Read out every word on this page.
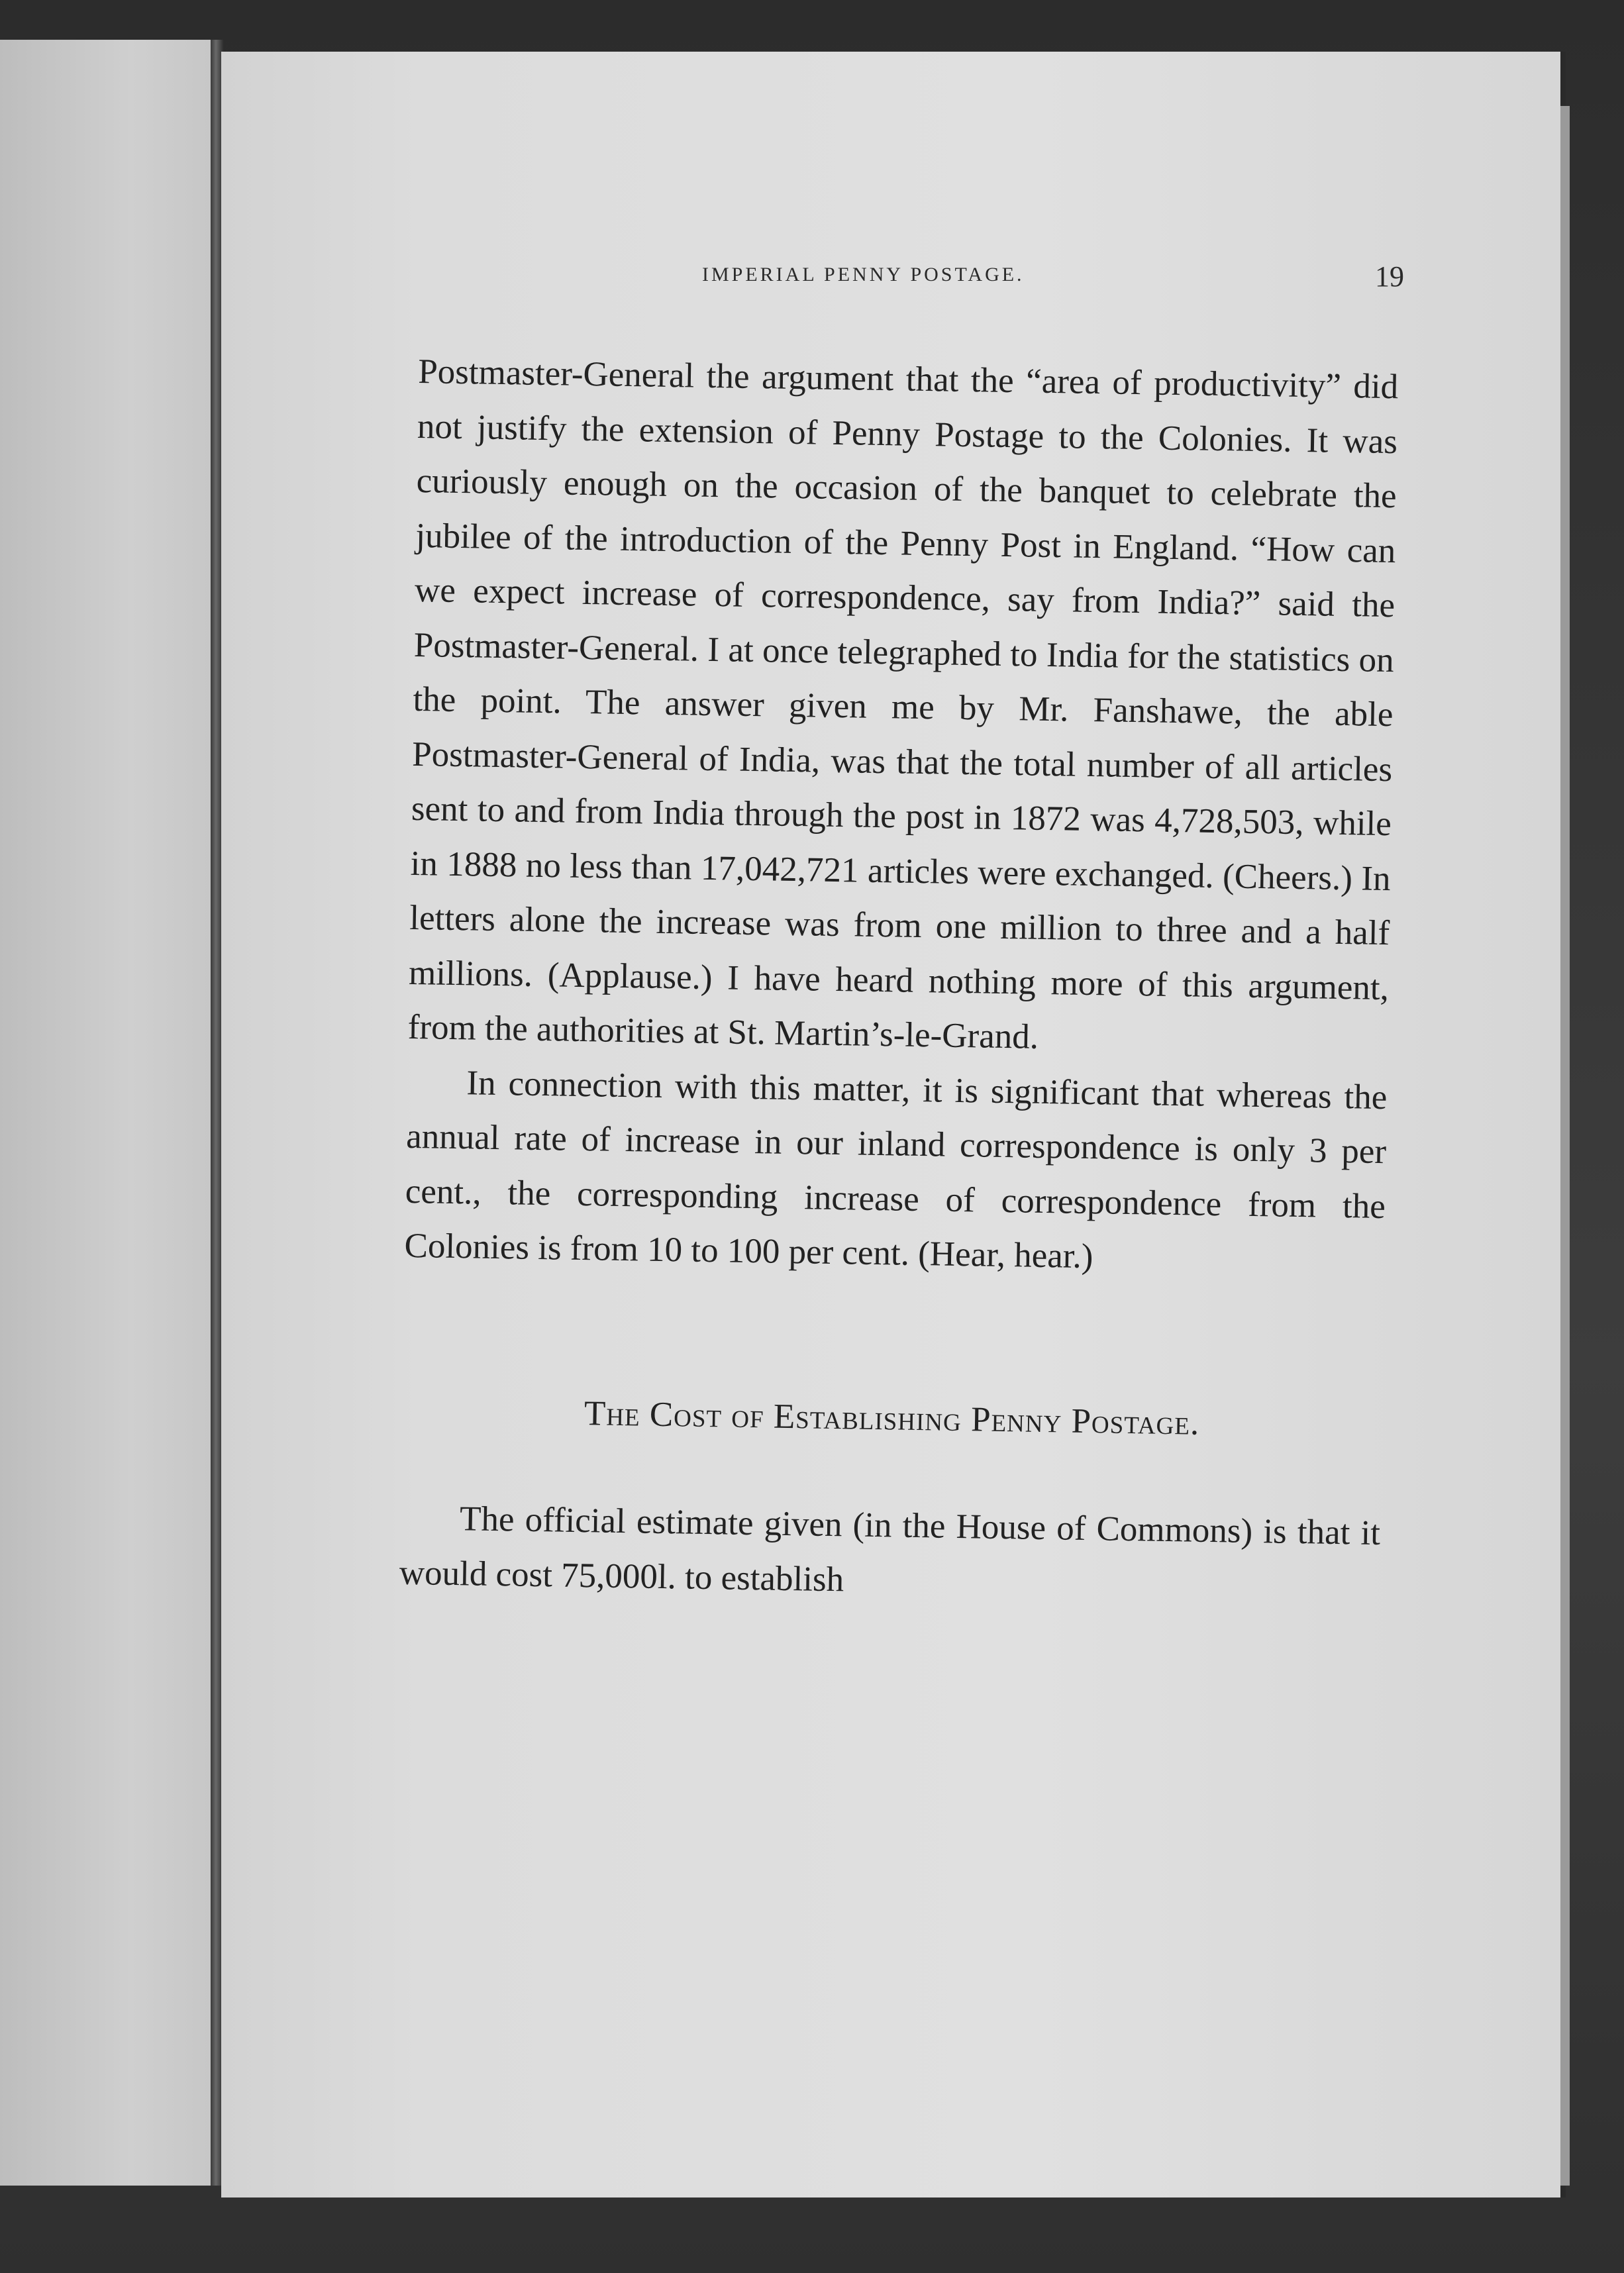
IMPERIAL PENNY POSTAGE.	19

Postmaster-General the argument that the “area of productivity” did not justify the extension of Penny Postage to the Colonies. It was curiously enough on the occasion of the banquet to celebrate the jubilee of the introduction of the Penny Post in England. “How can we expect increase of correspondence, say from India?” said the Postmaster-General. I at once telegraphed to India for the statistics on the point. The answer given me by Mr. Fanshawe, the able Postmaster-General of India, was that the total number of all articles sent to and from India through the post in 1872 was 4,728,503, while in 1888 no less than 17,042,721 articles were exchanged. (Cheers.) In letters alone the increase was from one million to three and a half millions. (Applause.) I have heard nothing more of this argument, from the authorities at St. Martin’s-le-Grand.

In connection with this matter, it is significant that whereas the annual rate of increase in our inland correspondence is only 3 per cent., the corresponding increase of correspondence from the Colonies is from 10 to 100 per cent. (Hear, hear.)

The Cost of Establishing Penny Postage.

The official estimate given (in the House of Commons) is that it would cost 75,000l. to establish
